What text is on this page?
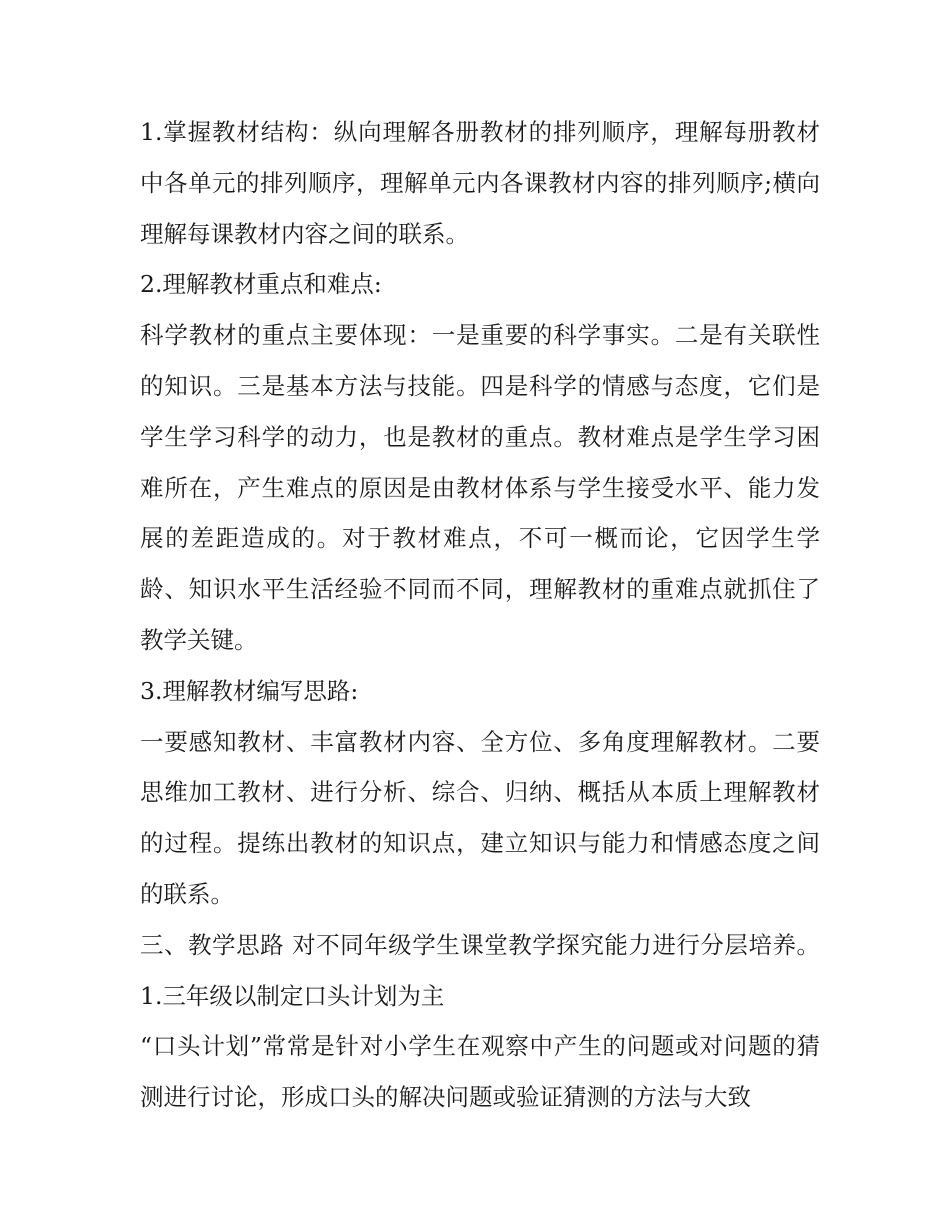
1.掌握教材结构：纵向理解各册教材的排列顺序，理解每册教材中各单元的排列顺序，理解单元内各课教材内容的排列顺序;横向理解每课教材内容之间的联系。

2.理解教材重点和难点:

科学教材的重点主要体现：一是重要的科学事实。二是有关联性的知识。三是基本方法与技能。四是科学的情感与态度，它们是学生学习科学的动力，也是教材的重点。教材难点是学生学习困难所在，产生难点的原因是由教材体系与学生接受水平、能力发展的差距造成的。对于教材难点，不可一概而论，它因学生学龄、知识水平生活经验不同而不同，理解教材的重难点就抓住了教学关键。

3.理解教材编写思路:

一要感知教材、丰富教材内容、全方位、多角度理解教材。二要思维加工教材、进行分析、综合、归纳、概括从本质上理解教材的过程。提练出教材的知识点，建立知识与能力和情感态度之间的联系。

三、教学思路 对不同年级学生课堂教学探究能力进行分层培养。 1.三年级以制定口头计划为主

“口头计划”常常是针对小学生在观察中产生的问题或对问题的猜测进行讨论，形成口头的解决问题或验证猜测的方法与大致
